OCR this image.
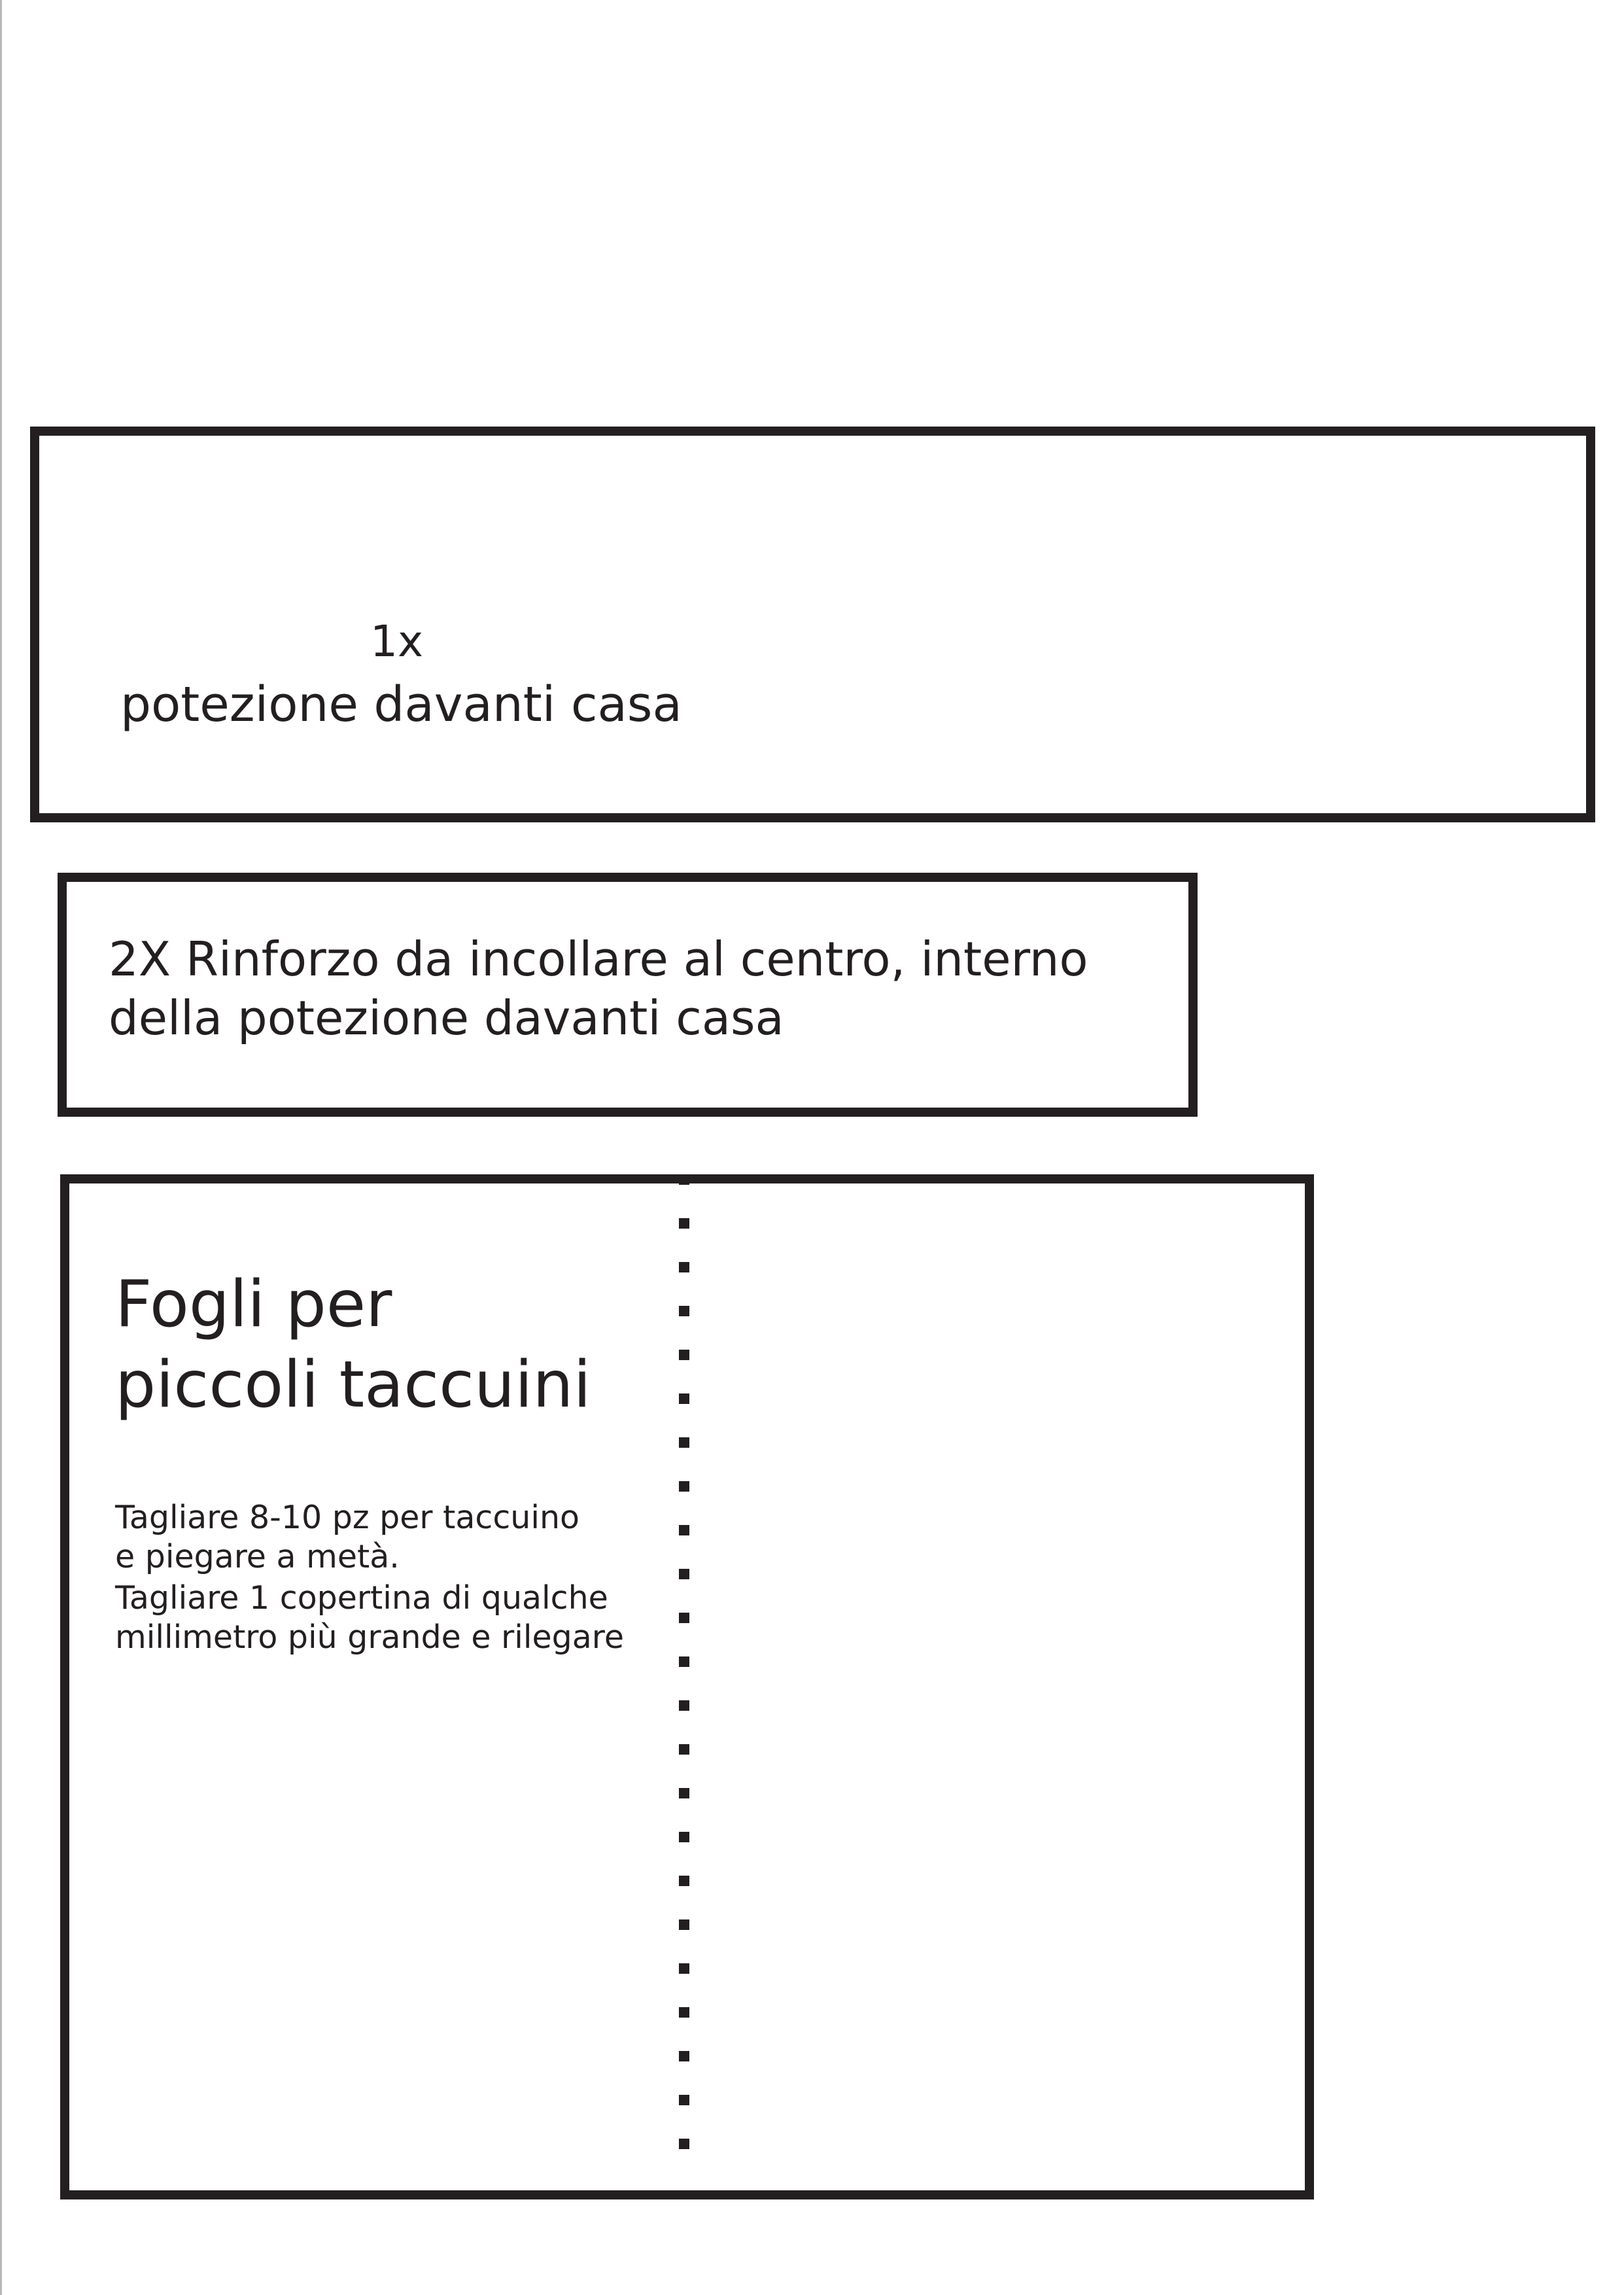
1x
potezione davanti casa
2X Rinforzo da incollare al centro, interno
della potezione davanti casa
Fogli per
piccoli taccuini
Tagliare 8-10 pz per taccuino
e piegare a metà.
Tagliare 1 copertina di qualche
millimetro più grande e rilegare
